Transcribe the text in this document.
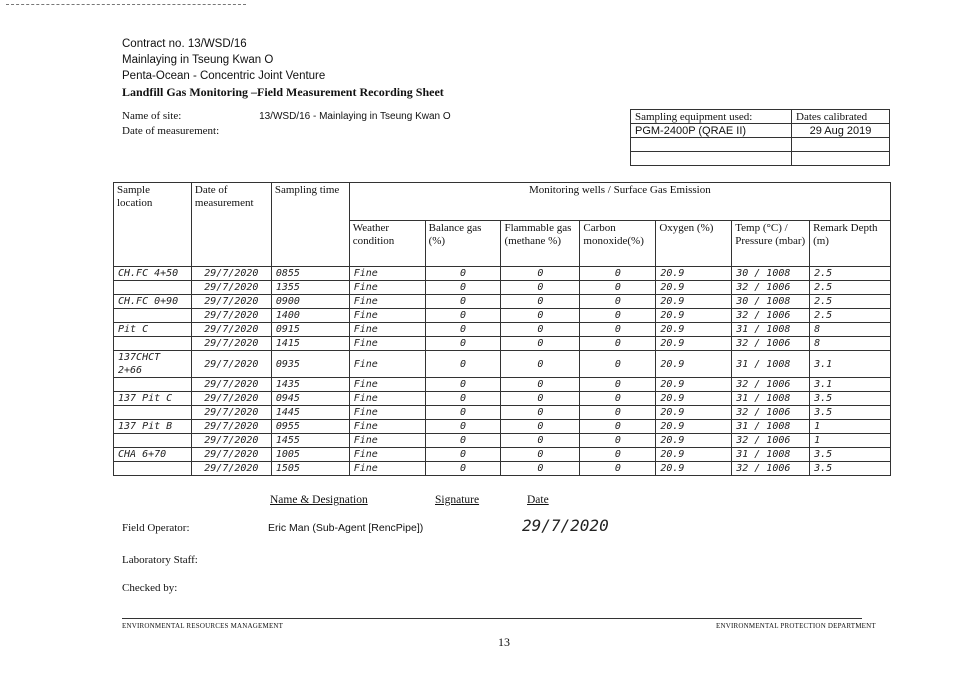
Contract no. 13/WSD/16
Mainlaying in Tseung Kwan O
Penta-Ocean - Concentric Joint Venture
Landfill Gas Monitoring –Field Measurement Recording Sheet
Name of site:	13/WSD/16 - Mainlaying in Tseung Kwan O
Date of measurement:
Sampling equipment used:	Dates calibrated
PGM-2400P (QRAE II)	29 Aug 2019

Sample location	Date of measurement	Sampling time	Monitoring wells / Surface Gas Emission						
			Weather condition	Balance gas (%)	Flammable gas (methane %)	Carbon monoxide(%)	Oxygen (%)	Temp (°C) / Pressure (mbar)	Remark Depth (m)
CH.FC 4+50	29/7/2020	0855	Fine	0	0	0	20.9	30 / 1008	2.5
	29/7/2020	1355	Fine	0	0	0	20.9	32 / 1006	2.5
CH.FC 0+90	29/7/2020	0900	Fine	0	0	0	20.9	30 / 1008	2.5
	29/7/2020	1400	Fine	0	0	0	20.9	32 / 1006	2.5
Pit C	29/7/2020	0915	Fine	0	0	0	20.9	31 / 1008	8
	29/7/2020	1415	Fine	0	0	0	20.9	32 / 1006	8
137CHCT 2+66	29/7/2020	0935	Fine	0	0	0	20.9	31 / 1008	3.1
	29/7/2020	1435	Fine	0	0	0	20.9	32 / 1006	3.1
137 Pit C	29/7/2020	0945	Fine	0	0	0	20.9	31 / 1008	3.5
	29/7/2020	1445	Fine	0	0	0	20.9	32 / 1006	3.5
137 Pit B	29/7/2020	0955	Fine	0	0	0	20.9	31 / 1008	1
	29/7/2020	1455	Fine	0	0	0	20.9	32 / 1006	1
CHA 6+70	29/7/2020	1005	Fine	0	0	0	20.9	31 / 1008	3.5
	29/7/2020	1505	Fine	0	0	0	20.9	32 / 1006	3.5
Name & Designation	Signature	Date
Field Operator:	Eric Man (Sub-Agent [RencPipe])	29/7/2020
Laboratory Staff:
Checked by:
ENVIRONMENTAL RESOURCES MANAGEMENT	ENVIRONMENTAL PROTECTION DEPARTMENT
13
